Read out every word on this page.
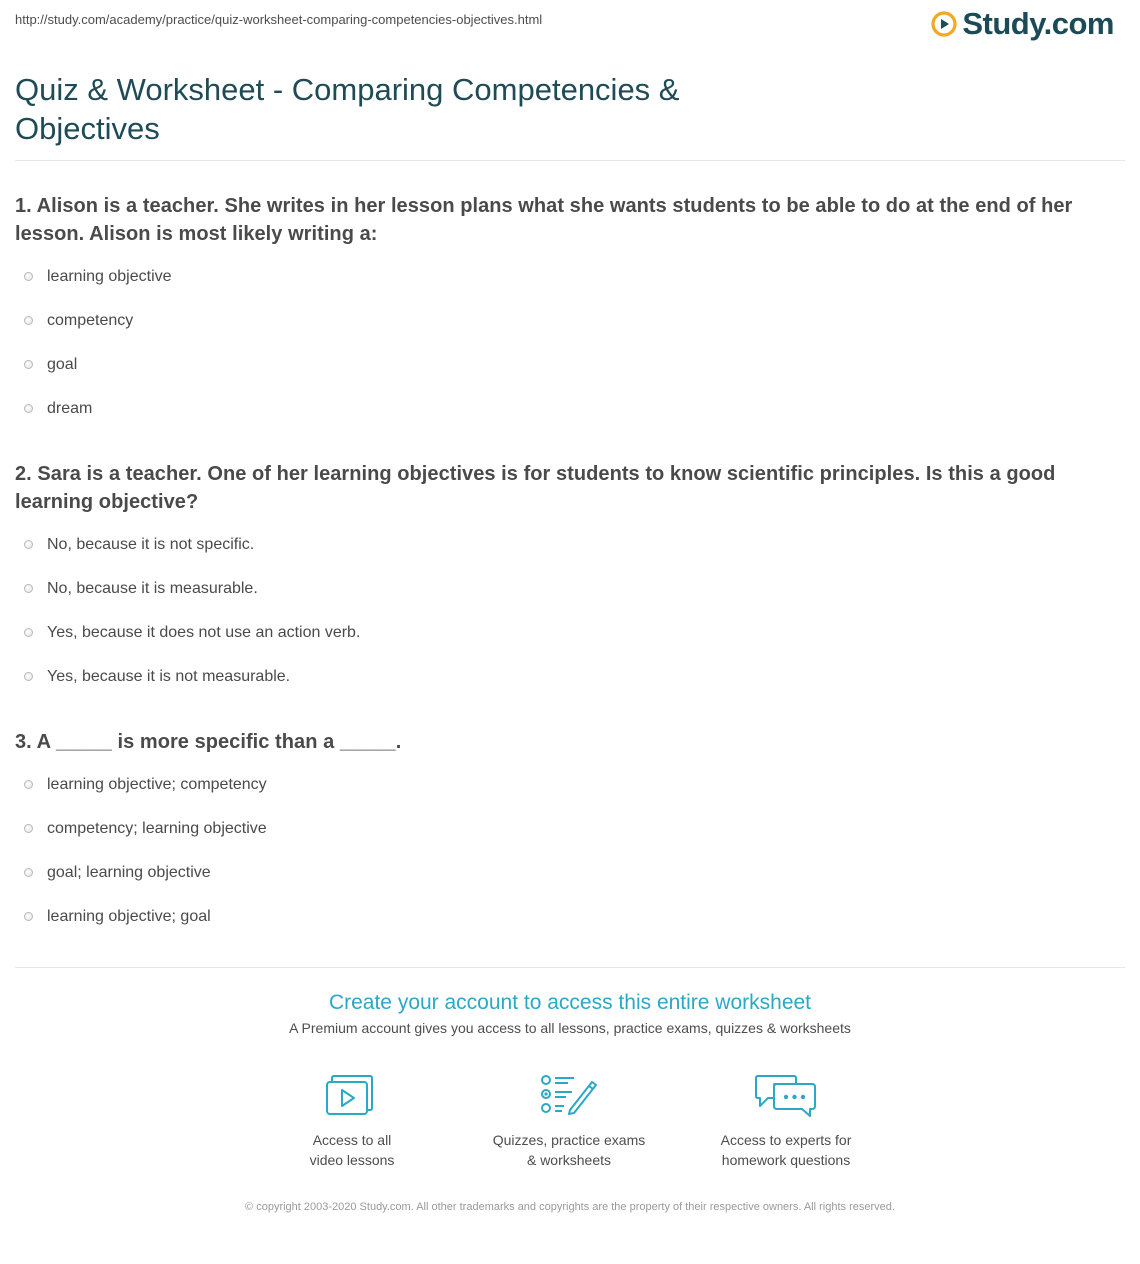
http://study.com/academy/practice/quiz-worksheet-comparing-competencies-objectives.html	Study.com
Quiz & Worksheet - Comparing Competencies & Objectives

1. Alison is a teacher. She writes in her lesson plans what she wants students to be able to do at the end of her lesson. Alison is most likely writing a:

learning objective
competency
goal
dream

2. Sara is a teacher. One of her learning objectives is for students to know scientific principles. Is this a good learning objective?

No, because it is not specific.
No, because it is measurable.
Yes, because it does not use an action verb.
Yes, because it is not measurable.

3. A _____ is more specific than a _____.

learning objective; competency
competency; learning objective
goal; learning objective
learning objective; goal
Create your account to access this entire worksheet

A Premium account gives you access to all lessons, practice exams, quizzes & worksheets

Access to all
video lessons
Quizzes, practice exams
& worksheets
Access to experts for
homework questions
© copyright 2003-2020 Study.com. All other trademarks and copyrights are the property of their respective owners. All rights reserved.
